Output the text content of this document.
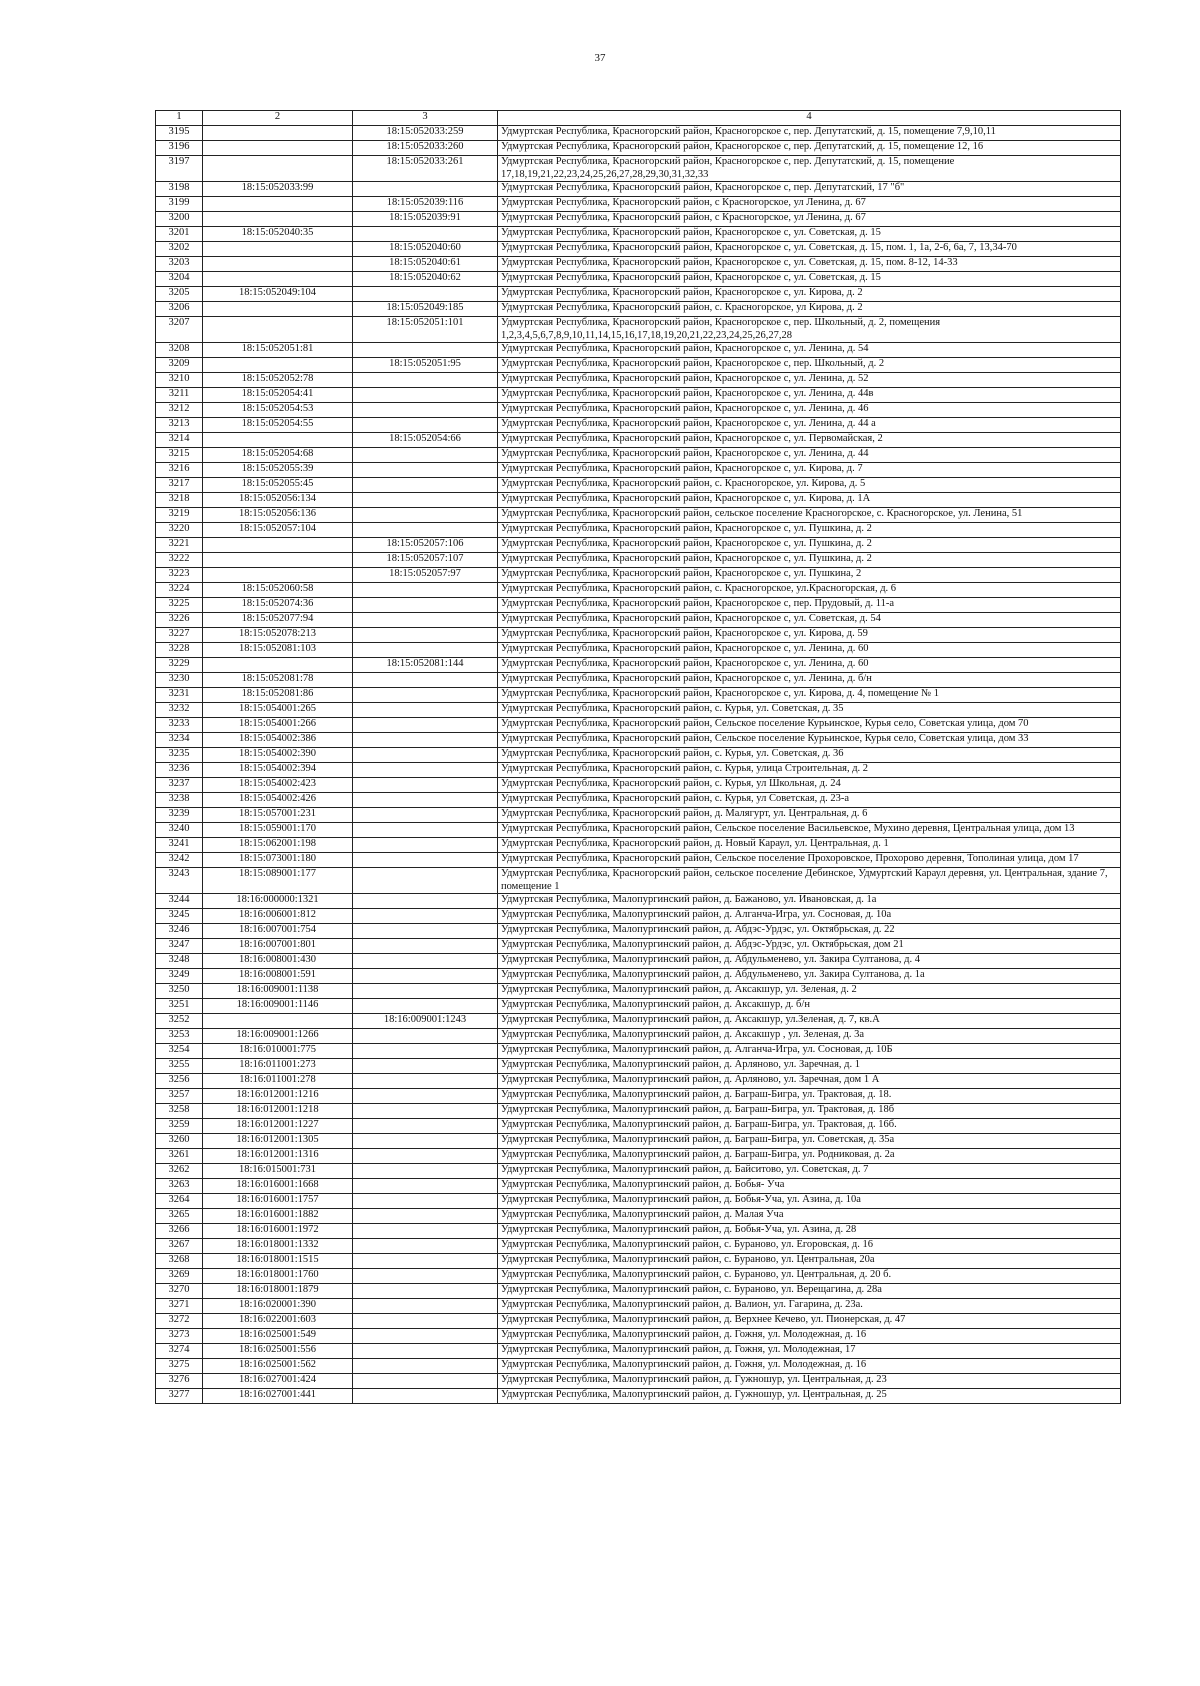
37
1	2	3	4
3195		18:15:052033:259	Удмуртская Республика, Красногорский район, Красногорское с, пер. Депутатский, д. 15, помещение 7,9,10,11
3196		18:15:052033:260	Удмуртская Республика, Красногорский район, Красногорское с, пер. Депутатский, д. 15, помещение 12, 16
3197		18:15:052033:261	Удмуртская Республика, Красногорский район, Красногорское с, пер. Депутатский, д. 15, помещение 17,18,19,21,22,23,24,25,26,27,28,29,30,31,32,33
3198	18:15:052033:99		Удмуртская Республика, Красногорский район, Красногорское с, пер. Депутатский, 17 "б"
3199		18:15:052039:116	Удмуртская Республика, Красногорский район, с Красногорское, ул Ленина, д. 67
3200		18:15:052039:91	Удмуртская Республика, Красногорский район, с Красногорское, ул Ленина, д. 67
3201	18:15:052040:35		Удмуртская Республика, Красногорский район, Красногорское с, ул. Советская, д. 15
3202		18:15:052040:60	Удмуртская Республика, Красногорский район, Красногорское с, ул. Советская, д. 15, пом. 1, 1а, 2-6, 6а, 7, 13,34-70
3203		18:15:052040:61	Удмуртская Республика, Красногорский район, Красногорское с, ул. Советская, д. 15, пом. 8-12, 14-33
3204		18:15:052040:62	Удмуртская Республика, Красногорский район, Красногорское с, ул. Советская, д. 15
3205	18:15:052049:104		Удмуртская Республика, Красногорский район, Красногорское с, ул. Кирова, д. 2
3206		18:15:052049:185	Удмуртская Республика, Красногорский район, с. Красногорское, ул Кирова, д. 2
3207		18:15:052051:101	Удмуртская Республика, Красногорский район, Красногорское с, пер. Школьный, д. 2, помещения 1,2,3,4,5,6,7,8,9,10,11,14,15,16,17,18,19,20,21,22,23,24,25,26,27,28
3208	18:15:052051:81		Удмуртская Республика, Красногорский район, Красногорское с, ул. Ленина, д. 54
3209		18:15:052051:95	Удмуртская Республика, Красногорский район, Красногорское с, пер. Школьный, д. 2
3210	18:15:052052:78		Удмуртская Республика, Красногорский район, Красногорское с, ул. Ленина, д. 52
3211	18:15:052054:41		Удмуртская Республика, Красногорский район, Красногорское с, ул. Ленина, д. 44в
3212	18:15:052054:53		Удмуртская Республика, Красногорский район, Красногорское с, ул. Ленина, д. 46
3213	18:15:052054:55		Удмуртская Республика, Красногорский район, Красногорское с, ул. Ленина, д. 44 а
3214		18:15:052054:66	Удмуртская Республика, Красногорский район, Красногорское с, ул. Первомайская, 2
3215	18:15:052054:68		Удмуртская Республика, Красногорский район, Красногорское с, ул. Ленина, д. 44
3216	18:15:052055:39		Удмуртская Республика, Красногорский район, Красногорское с, ул. Кирова, д. 7
3217	18:15:052055:45		Удмуртская Республика, Красногорский район, с. Красногорское, ул. Кирова, д. 5
3218	18:15:052056:134		Удмуртская Республика, Красногорский район, Красногорское с, ул. Кирова, д. 1А
3219	18:15:052056:136		Удмуртская Республика, Красногорский район, сельское поселение Красногорское, с. Красногорское, ул. Ленина, 51
3220	18:15:052057:104		Удмуртская Республика, Красногорский район, Красногорское с, ул. Пушкина, д. 2
3221		18:15:052057:106	Удмуртская Республика, Красногорский район, Красногорское с, ул. Пушкина, д. 2
3222		18:15:052057:107	Удмуртская Республика, Красногорский район, Красногорское с, ул. Пушкина, д. 2
3223		18:15:052057:97	Удмуртская Республика, Красногорский район, Красногорское с, ул. Пушкина, 2
3224	18:15:052060:58		Удмуртская Республика, Красногорский район, с. Красногорское, ул.Красногорская, д. 6
3225	18:15:052074:36		Удмуртская Республика, Красногорский район, Красногорское с, пер. Прудовый, д. 11-а
3226	18:15:052077:94		Удмуртская Республика, Красногорский район, Красногорское с, ул. Советская, д. 54
3227	18:15:052078:213		Удмуртская Республика, Красногорский район, Красногорское с, ул. Кирова, д. 59
3228	18:15:052081:103		Удмуртская Республика, Красногорский район, Красногорское с, ул. Ленина, д. 60
3229		18:15:052081:144	Удмуртская Республика, Красногорский район, Красногорское с, ул. Ленина, д. 60
3230	18:15:052081:78		Удмуртская Республика, Красногорский район, Красногорское с, ул. Ленина, д. б/н
3231	18:15:052081:86		Удмуртская Республика, Красногорский район, Красногорское с, ул. Кирова, д. 4, помещение № 1
3232	18:15:054001:265		Удмуртская Республика, Красногорский район, с. Курья, ул. Советская, д. 35
3233	18:15:054001:266		Удмуртская Республика, Красногорский район, Сельское поселение Курьинское, Курья село, Советская улица, дом 70
3234	18:15:054002:386		Удмуртская Республика, Красногорский район, Сельское поселение Курьинское, Курья село, Советская улица, дом 33
3235	18:15:054002:390		Удмуртская Республика, Красногорский район, с. Курья, ул. Советская, д. 36
3236	18:15:054002:394		Удмуртская Республика, Красногорский район, с. Курья, улица Строительная, д. 2
3237	18:15:054002:423		Удмуртская Республика, Красногорский район, с. Курья, ул Школьная, д. 24
3238	18:15:054002:426		Удмуртская Республика, Красногорский район, с. Курья, ул Советская, д. 23-а
3239	18:15:057001:231		Удмуртская Республика, Красногорский район, д. Малягурт, ул. Центральная, д. 6
3240	18:15:059001:170		Удмуртская Республика, Красногорский район, Сельское поселение Васильевское, Мухино деревня, Центральная улица, дом 13
3241	18:15:062001:198		Удмуртская Республика, Красногорский район, д. Новый Караул, ул. Центральная, д. 1
3242	18:15:073001:180		Удмуртская Республика, Красногорский район, Сельское поселение Прохоровское, Прохорово деревня, Тополиная улица, дом 17
3243	18:15:089001:177		Удмуртская Республика, Красногорский район, сельское поселение Дебинское, Удмуртский Караул деревня, ул. Центральная, здание 7, помещение 1
3244	18:16:000000:1321		Удмуртская Республика, Малопургинский район, д. Бажаново, ул. Ивановская, д. 1а
3245	18:16:006001:812		Удмуртская Республика, Малопургинский район, д. Алганча-Игра, ул. Сосновая, д. 10а
3246	18:16:007001:754		Удмуртская Республика, Малопургинский район, д. Абдэс-Урдэс, ул. Октябрьская, д. 22
3247	18:16:007001:801		Удмуртская Республика, Малопургинский район, д. Абдэс-Урдэс, ул. Октябрьская, дом 21
3248	18:16:008001:430		Удмуртская Республика, Малопургинский район, д. Абдульменево, ул. Закира Султанова, д. 4
3249	18:16:008001:591		Удмуртская Республика, Малопургинский район, д. Абдульменево, ул. Закира Султанова, д. 1а
3250	18:16:009001:1138		Удмуртская Республика, Малопургинский район, д. Аксакшур, ул. Зеленая, д. 2
3251	18:16:009001:1146		Удмуртская Республика, Малопургинский район, д. Аксакшур, д. б/н
3252		18:16:009001:1243	Удмуртская Республика, Малопургинский район, д. Аксакшур, ул.Зеленая, д. 7, кв.А
3253	18:16:009001:1266		Удмуртская Республика, Малопургинский район, д. Аксакшур , ул. Зеленая, д. 3а
3254	18:16:010001:775		Удмуртская Республика, Малопургинский район, д. Алганча-Игра, ул. Сосновая, д. 10Б
3255	18:16:011001:273		Удмуртская Республика, Малопургинский район, д. Арляново, ул. Заречная, д. 1
3256	18:16:011001:278		Удмуртская Республика, Малопургинский район, д. Арляново, ул. Заречная, дом 1 А
3257	18:16:012001:1216		Удмуртская Республика, Малопургинский район, д. Баграш-Бигра, ул. Трактовая, д. 18.
3258	18:16:012001:1218		Удмуртская Республика, Малопургинский район, д. Баграш-Бигра, ул. Трактовая, д. 18б
3259	18:16:012001:1227		Удмуртская Республика, Малопургинский район, д. Баграш-Бигра, ул. Трактовая, д. 16б.
3260	18:16:012001:1305		Удмуртская Республика, Малопургинский район, д. Баграш-Бигра, ул. Советская, д. 35а
3261	18:16:012001:1316		Удмуртская Республика, Малопургинский район, д. Баграш-Бигра, ул. Родниковая, д. 2а
3262	18:16:015001:731		Удмуртская Республика, Малопургинский район, д. Байситово, ул. Советская, д. 7
3263	18:16:016001:1668		Удмуртская Республика, Малопургинский район, д. Бобья- Уча
3264	18:16:016001:1757		Удмуртская Республика, Малопургинский район, д. Бобья-Уча, ул. Азина, д. 10а
3265	18:16:016001:1882		Удмуртская Республика, Малопургинский район, д. Малая Уча
3266	18:16:016001:1972		Удмуртская Республика, Малопургинский район, д. Бобья-Уча, ул. Азина, д. 28
3267	18:16:018001:1332		Удмуртская Республика, Малопургинский район, с. Бураново, ул. Егоровская, д. 16
3268	18:16:018001:1515		Удмуртская Республика, Малопургинский район, с. Бураново, ул. Центральная, 20а
3269	18:16:018001:1760		Удмуртская Республика, Малопургинский район, с. Бураново, ул. Центральная, д. 20 б.
3270	18:16:018001:1879		Удмуртская Республика, Малопургинский район, с. Бураново, ул. Верещагина, д. 28а
3271	18:16:020001:390		Удмуртская Республика, Малопургинский район, д. Валион, ул. Гагарина, д. 23а.
3272	18:16:022001:603		Удмуртская Республика, Малопургинский район, д. Верхнее Кечево, ул. Пионерская, д. 47
3273	18:16:025001:549		Удмуртская Республика, Малопургинский район, д. Гожня, ул. Молодежная, д. 16
3274	18:16:025001:556		Удмуртская Республика, Малопургинский район, д. Гожня, ул. Молодежная, 17
3275	18:16:025001:562		Удмуртская Республика, Малопургинский район, д. Гожня, ул. Молодежная, д. 16
3276	18:16:027001:424		Удмуртская Республика, Малопургинский район, д. Гужношур, ул. Центральная, д. 23
3277	18:16:027001:441		Удмуртская Республика, Малопургинский район, д. Гужношур, ул. Центральная, д. 25
